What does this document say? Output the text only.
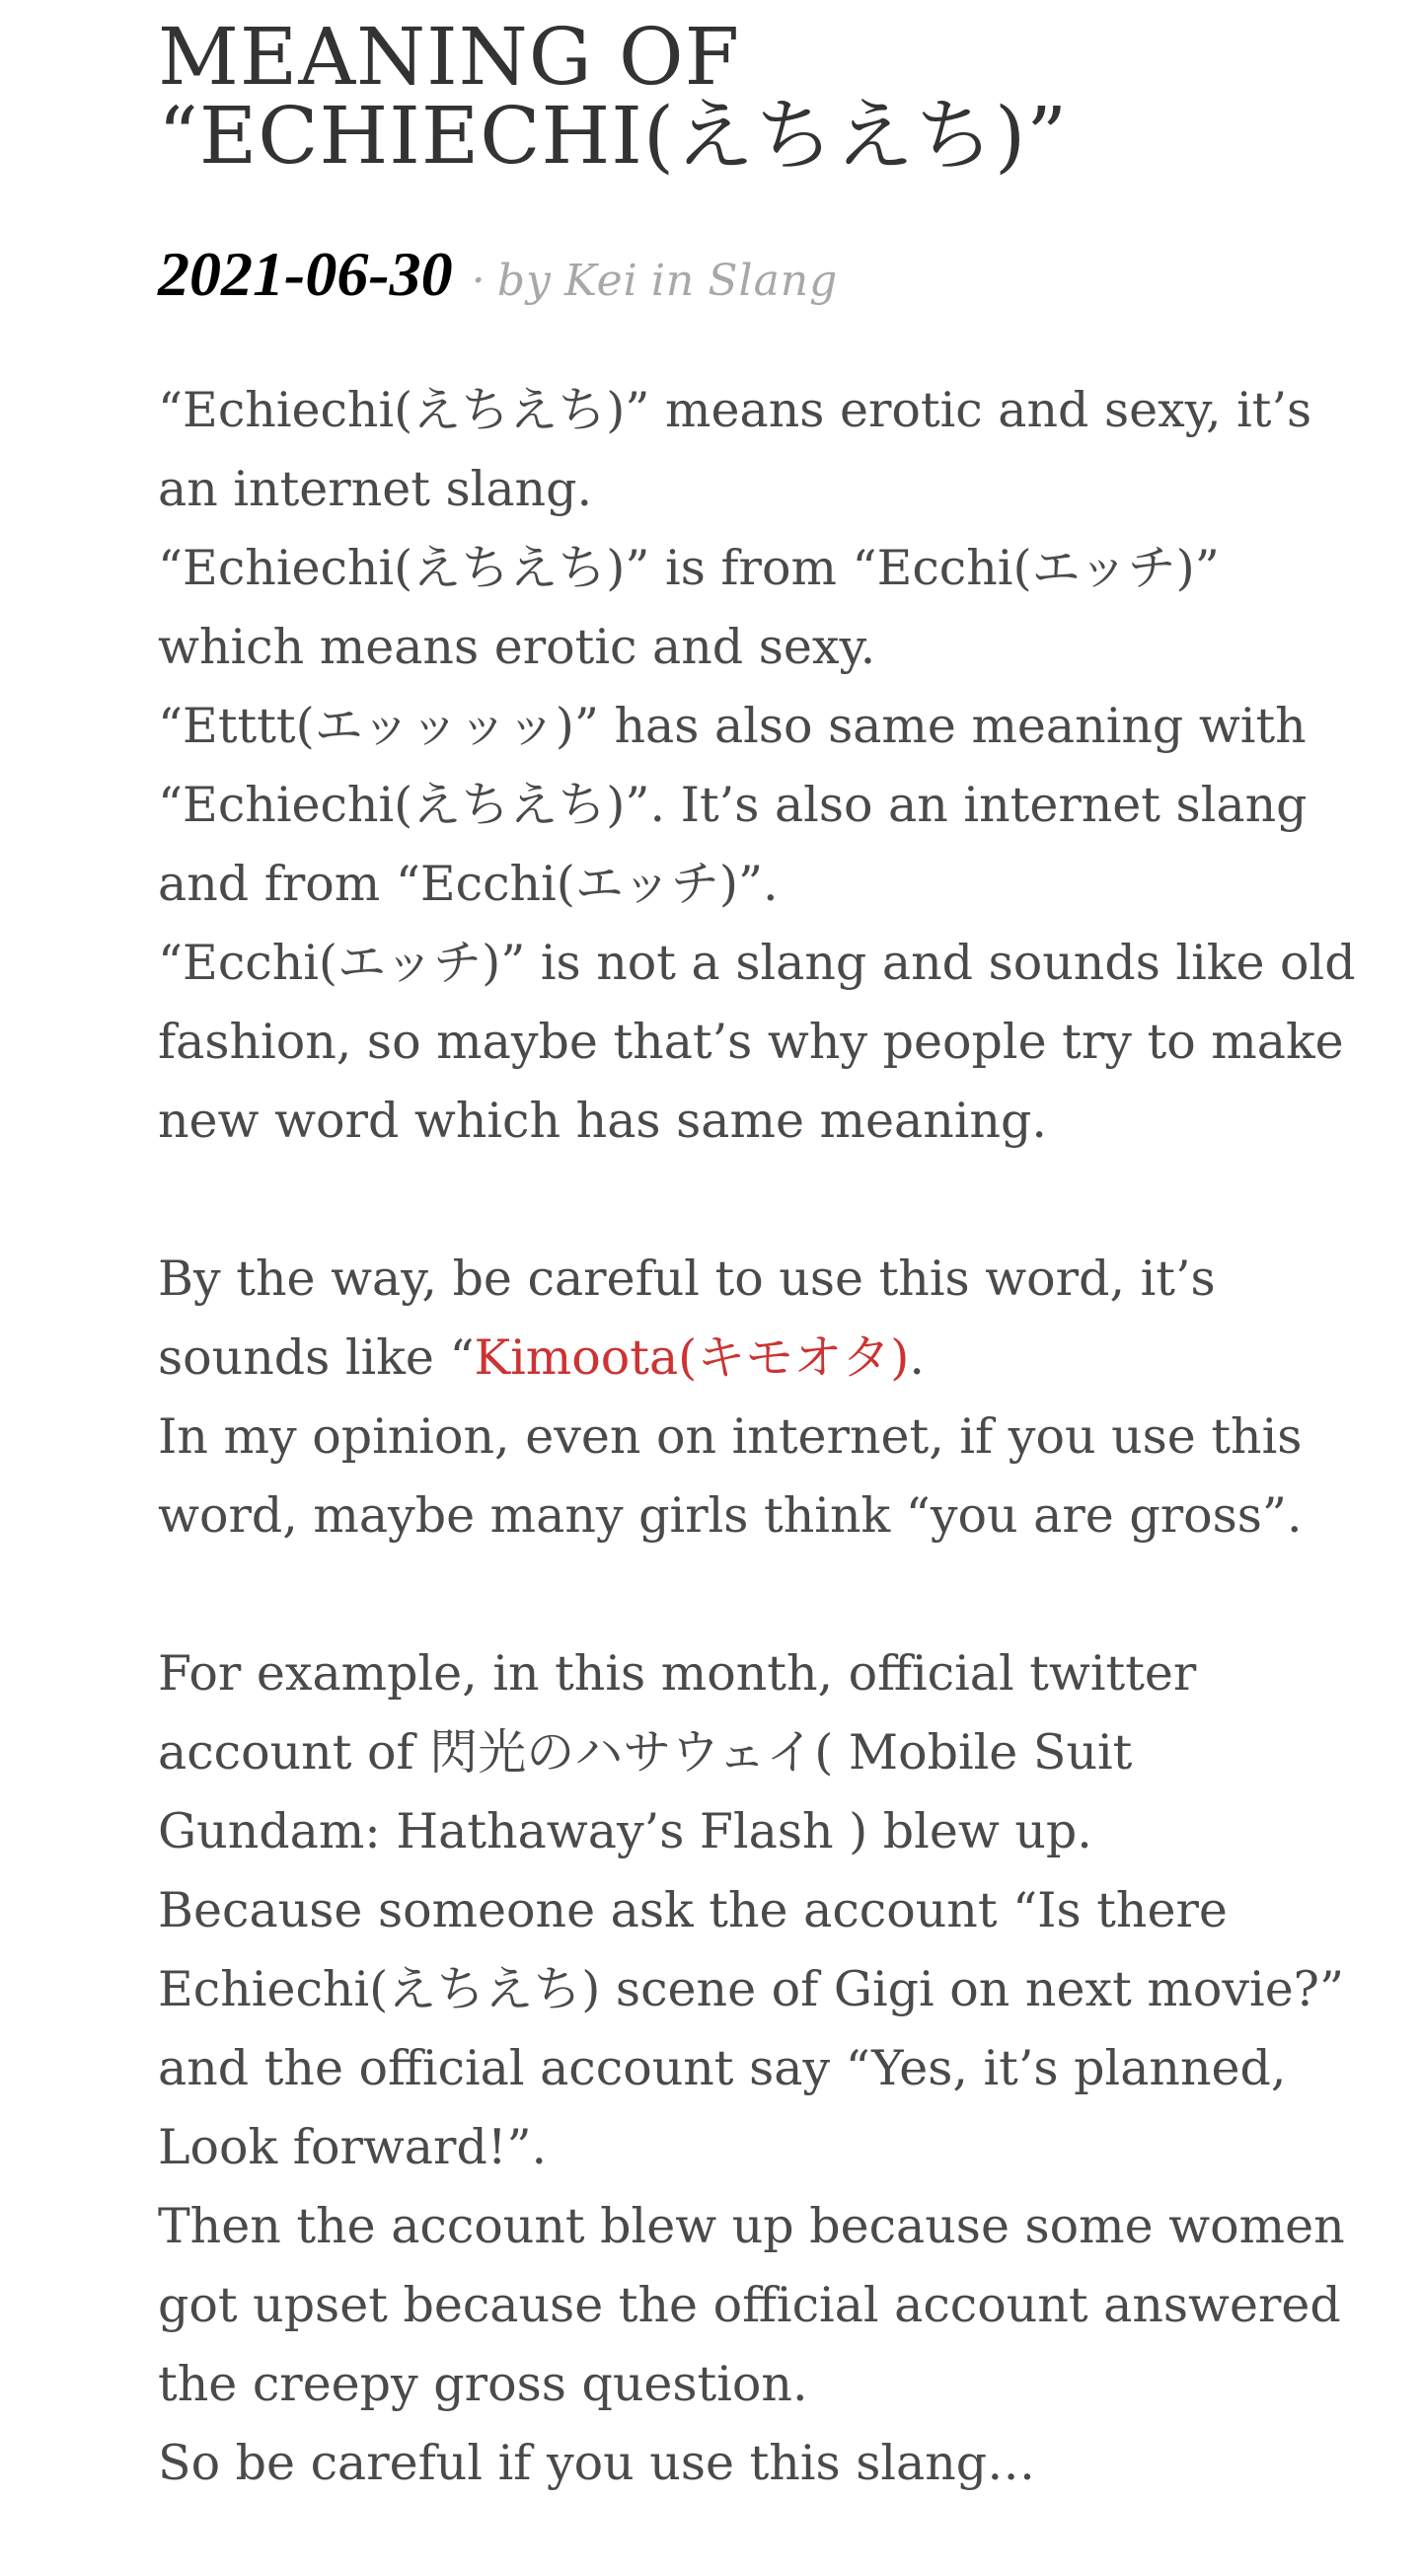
MEANING OF
“ECHIECHI(えちえち)”
2021-06-30 · by Kei in Slang

“Echiechi(えちえち)” means erotic and sexy, it’s
an internet slang.
“Echiechi(えちえち)” is from “Ecchi(エッチ)”
which means erotic and sexy.
“Etttt(エッッッッ)” has also same meaning with
“Echiechi(えちえち)”. It’s also an internet slang
and from “Ecchi(エッチ)”.
“Ecchi(エッチ)” is not a slang and sounds like old
fashion, so maybe that’s why people try to make
new word which has same meaning.

By the way, be careful to use this word, it’s
sounds like “Kimoota(キモオタ).
In my opinion, even on internet, if you use this
word, maybe many girls think “you are gross”.

For example, in this month, official twitter
account of 閃光のハサウェイ( Mobile Suit
Gundam: Hathaway’s Flash ) blew up.
Because someone ask the account “Is there
Echiechi(えちえち) scene of Gigi on next movie?”
and the official account say “Yes, it’s planned,
Look forward!”.
Then the account blew up because some women
got upset because the official account answered
the creepy gross question.
So be careful if you use this slang…
